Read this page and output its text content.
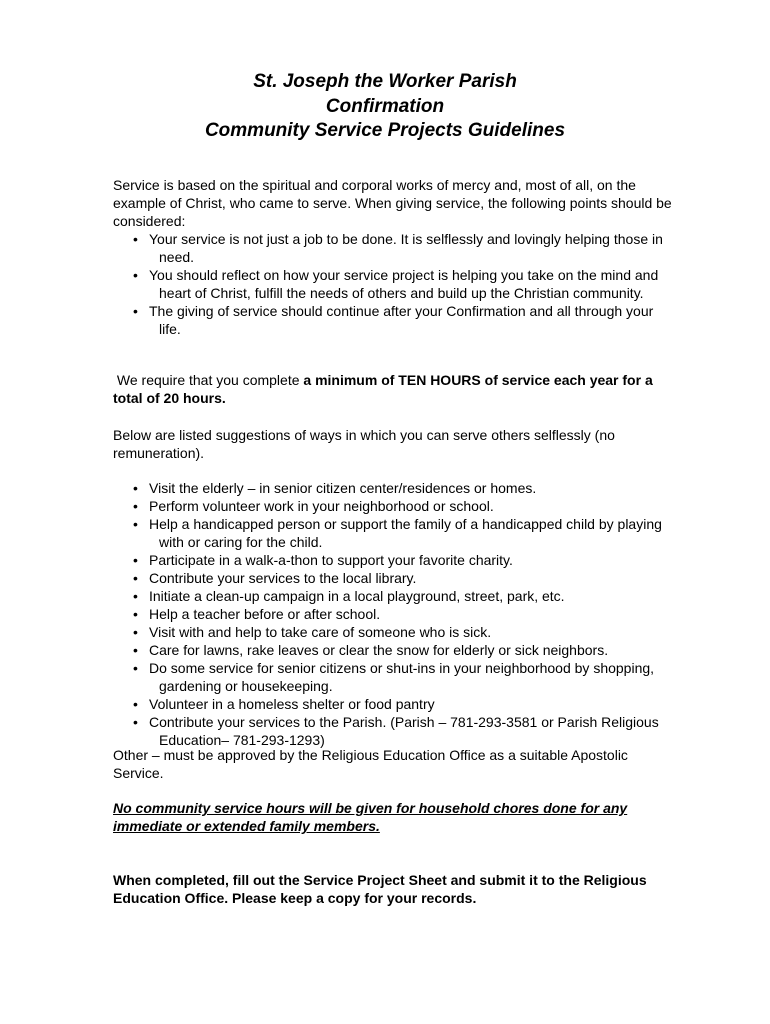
St. Joseph the Worker Parish
Confirmation
Community Service Projects Guidelines

Service is based on the spiritual and corporal works of mercy and, most of all, on the example of Christ, who came to serve. When giving service, the following points should be considered:

• Your service is not just a job to be done. It is selflessly and lovingly helping those in need.
• You should reflect on how your service project is helping you take on the mind and heart of Christ, fulfill the needs of others and build up the Christian community.
• The giving of service should continue after your Confirmation and all through your life.

We require that you complete a minimum of TEN HOURS of service each year for a total of 20 hours.

Below are listed suggestions of ways in which you can serve others selflessly (no remuneration).

• Visit the elderly – in senior citizen center/residences or homes.
• Perform volunteer work in your neighborhood or school.
• Help a handicapped person or support the family of a handicapped child by playing with or caring for the child.
• Participate in a walk-a-thon to support your favorite charity.
• Contribute your services to the local library.
• Initiate a clean-up campaign in a local playground, street, park, etc.
• Help a teacher before or after school.
• Visit with and help to take care of someone who is sick.
• Care for lawns, rake leaves or clear the snow for elderly or sick neighbors.
• Do some service for senior citizens or shut-ins in your neighborhood by shopping, gardening or housekeeping.
• Volunteer in a homeless shelter or food pantry
• Contribute your services to the Parish. (Parish – 781-293-3581 or Parish Religious Education– 781-293-1293)

Other – must be approved by the Religious Education Office as a suitable Apostolic Service.

No community service hours will be given for household chores done for any immediate or extended family members.

When completed, fill out the Service Project Sheet and submit it to the Religious Education Office. Please keep a copy for your records.
